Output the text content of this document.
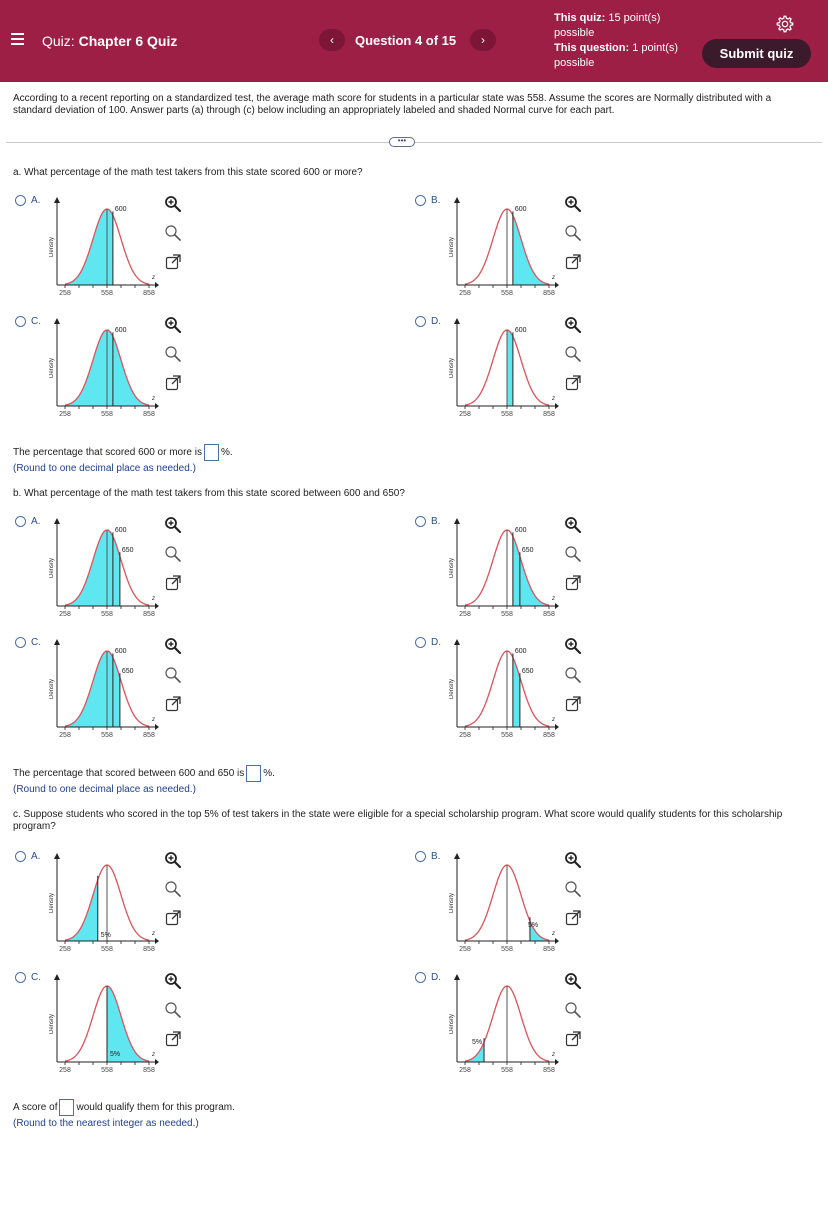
Quiz: Chapter 6 Quiz	‹	Question 4 of 15	›
This quiz: 15 point(s) possible
This question: 1 point(s) possible
Submit quiz
According to a recent reporting on a standardized test, the average math score for students in a particular state was 558. Assume the scores are Normally distributed with a standard deviation of 100. Answer parts (a) through (c) below including an appropriately labeled and shaded Normal curve for each part.
•••
a. What percentage of the math test takers from this state scored 600 or more?
A.
258	558	858
z
Density
600
B.
258	558	858
z
Density
600
C.
258	558	858
z
Density
600
D.
258	558	858
z
Density
600
The percentage that scored 600 or more is %.
(Round to one decimal place as needed.)
b. What percentage of the math test takers from this state scored between 600 and 650?
A.
258	558	858
z
Density
600
650
B.
258	558	858
z
Density
600
650
C.
258	558	858
z
Density
600
650
D.
258	558	858
z
Density
600
650
The percentage that scored between 600 and 650 is %.
(Round to one decimal place as needed.)
c. Suppose students who scored in the top 5% of test takers in the state were eligible for a special scholarship program. What score would qualify students for this scholarship program?
A.
258	558	858
z
Density
5%
B.
258	558	858
z
Density
5%
C.
258	558	858
z
Density
5%
D.
258	558	858
z
Density
5%
A score of would qualify them for this program.
(Round to the nearest integer as needed.)
